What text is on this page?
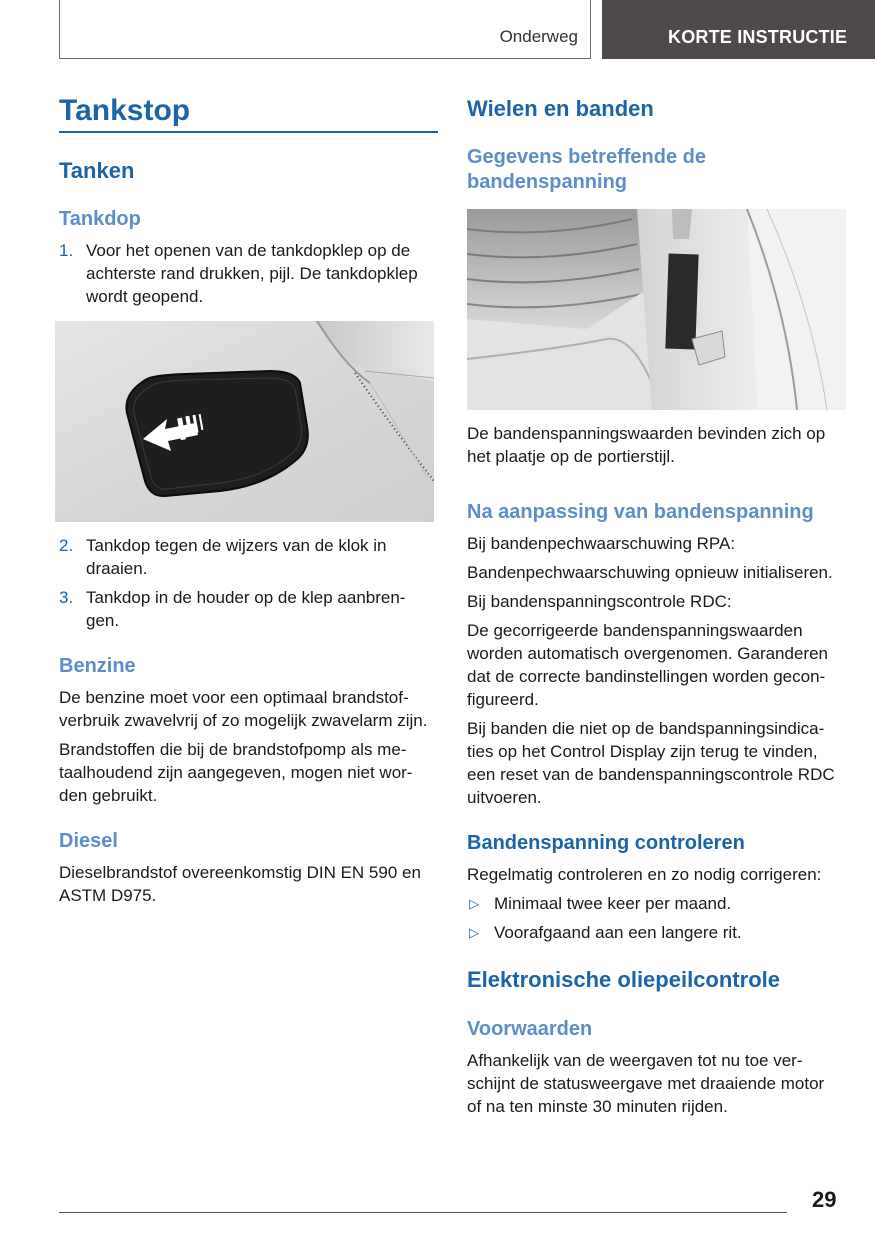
Onderweg	KORTE INSTRUCTIE
Tankstop
Tanken
Tankdop
1. Voor het openen van de tankdopklep op de
achterste rand drukken, pijl. De tankdopklep
wordt geopend.
2. Tankdop tegen de wijzers van de klok in
draaien.
3. Tankdop in de houder op de klep aanbren-
gen.
Benzine
De benzine moet voor een optimaal brandstof-
verbruik zwavelvrij of zo mogelijk zwavelarm zijn.
Brandstoffen die bij de brandstofpomp als me-
taalhoudend zijn aangegeven, mogen niet wor-
den gebruikt.
Diesel
Dieselbrandstof overeenkomstig DIN EN 590 en
ASTM D975.
Wielen en banden
Gegevens betreffende de
bandenspanning
De bandenspanningswaarden bevinden zich op
het plaatje op de portierstijl.
Na aanpassing van bandenspanning
Bij bandenpechwaarschuwing RPA:
Bandenpechwaarschuwing opnieuw initialiseren.
Bij bandenspanningscontrole RDC:
De gecorrigeerde bandenspanningswaarden
worden automatisch overgenomen. Garanderen
dat de correcte bandinstellingen worden gecon-
figureerd.
Bij banden die niet op de bandspanningsindica-
ties op het Control Display zijn terug te vinden,
een reset van de bandenspanningscontrole RDC
uitvoeren.
Bandenspanning controleren
Regelmatig controleren en zo nodig corrigeren:
▷ Minimaal twee keer per maand.
▷ Voorafgaand aan een langere rit.
Elektronische oliepeilcontrole
Voorwaarden
Afhankelijk van de weergaven tot nu toe ver-
schijnt de statusweergave met draaiende motor
of na ten minste 30 minuten rijden.
29
